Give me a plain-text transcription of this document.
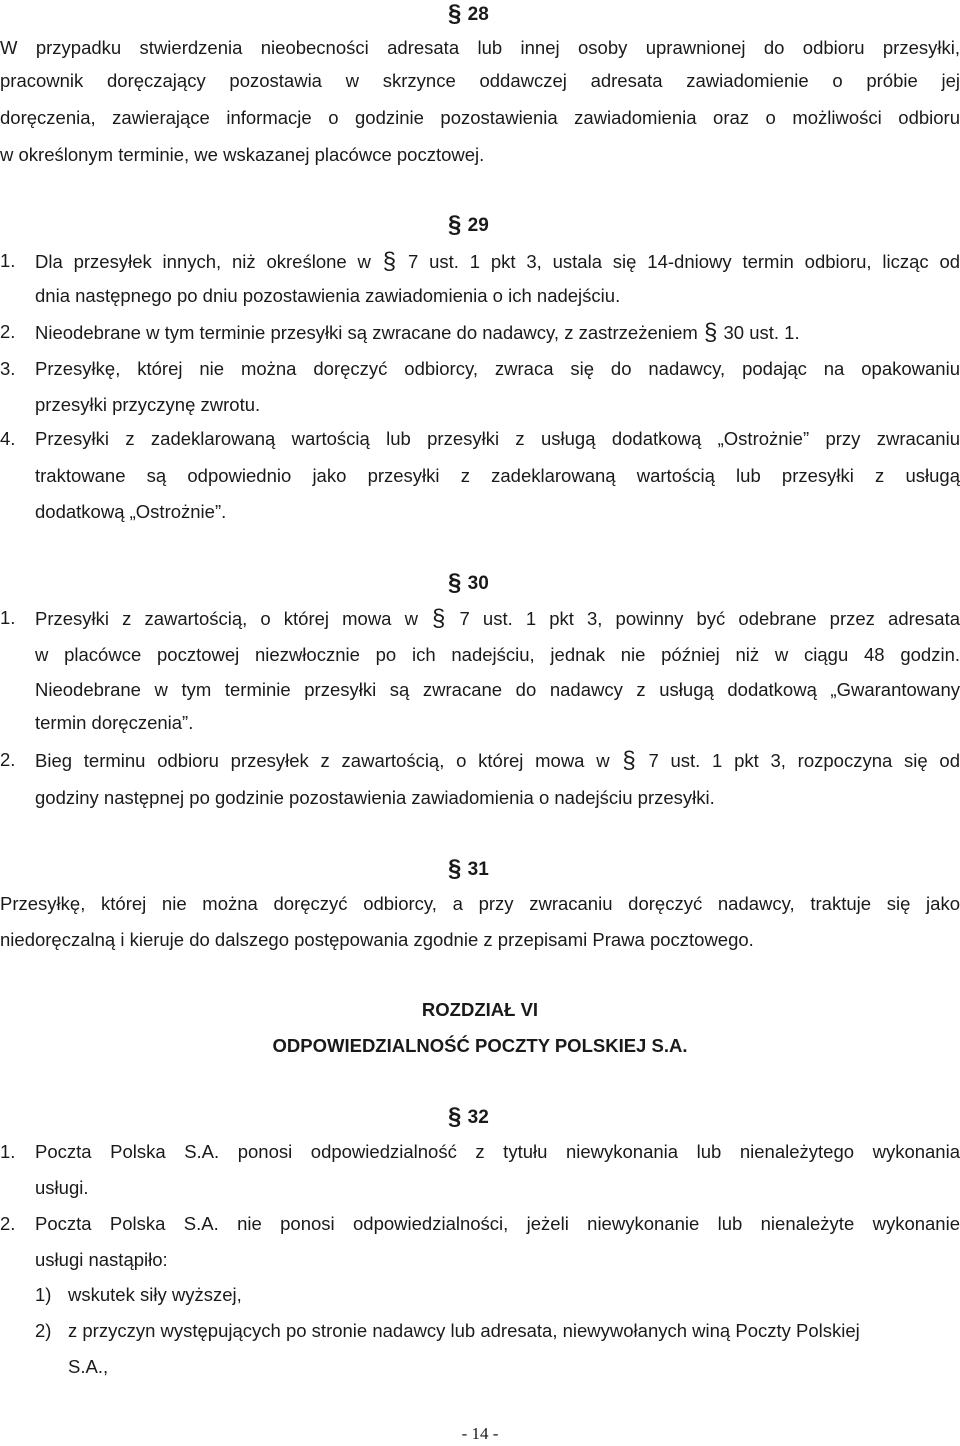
§ 28
W przypadku stwierdzenia nieobecności adresata lub innej osoby uprawnionej do odbioru przesyłki,
pracownik doręczający pozostawia w skrzynce oddawczej adresata zawiadomienie o próbie jej
doręczenia, zawierające informacje o godzinie pozostawienia zawiadomienia oraz o możliwości odbioru
w określonym terminie, we wskazanej placówce pocztowej.
§ 29
1.	Dla przesyłek innych, niż określone w § 7 ust. 1 pkt 3, ustala się 14-dniowy termin odbioru, licząc od
dnia następnego po dniu pozostawienia zawiadomienia o ich nadejściu.
2.	Nieodebrane w tym terminie przesyłki są zwracane do nadawcy, z zastrzeżeniem § 30 ust. 1.
3.	Przesyłkę, której nie można doręczyć odbiorcy, zwraca się do nadawcy, podając na opakowaniu
przesyłki przyczynę zwrotu.
4.	Przesyłki z zadeklarowaną wartością lub przesyłki z usługą dodatkową „Ostrożnie” przy zwracaniu
traktowane są odpowiednio jako przesyłki z zadeklarowaną wartością lub przesyłki z usługą
dodatkową „Ostrożnie”.
§ 30
1.	Przesyłki z zawartością, o której mowa w § 7 ust. 1 pkt 3, powinny być odebrane przez adresata
w placówce pocztowej niezwłocznie po ich nadejściu, jednak nie później niż w ciągu 48 godzin.
Nieodebrane w tym terminie przesyłki są zwracane do nadawcy z usługą dodatkową „Gwarantowany
termin doręczenia”.
2.	Bieg terminu odbioru przesyłek z zawartością, o której mowa w § 7 ust. 1 pkt 3, rozpoczyna się od
godziny następnej po godzinie pozostawienia zawiadomienia o nadejściu przesyłki.
§ 31
Przesyłkę, której nie można doręczyć odbiorcy, a przy zwracaniu doręczyć nadawcy, traktuje się jako
niedoręczalną i kieruje do dalszego postępowania zgodnie z przepisami Prawa pocztowego.
ROZDZIAŁ VI
ODPOWIEDZIALNOŚĆ POCZTY POLSKIEJ S.A.
§ 32
1.	Poczta Polska S.A. ponosi odpowiedzialność z tytułu niewykonania lub nienależytego wykonania
usługi.
2.	Poczta Polska S.A. nie ponosi odpowiedzialności, jeżeli niewykonanie lub nienależyte wykonanie
usługi nastąpiło:
1) wskutek siły wyższej,
2) z przyczyn występujących po stronie nadawcy lub adresata, niewywołanych winą Poczty Polskiej
S.A.,
- 14 -
